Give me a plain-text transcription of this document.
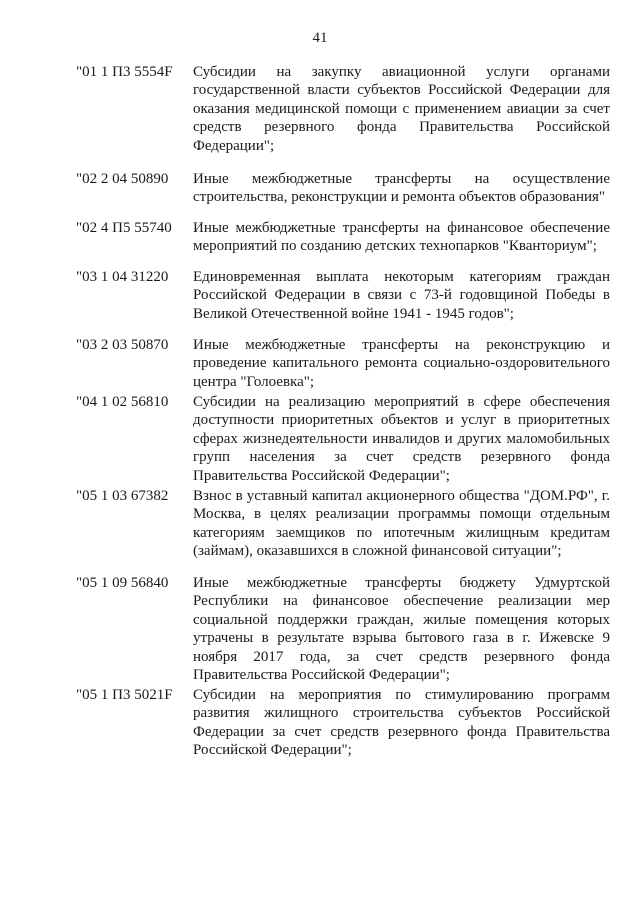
41
"01 1 П3 5554F Субсидии на закупку авиационной услуги органами государственной власти субъектов Российской Федерации для оказания медицинской помощи с применением авиации за счет средств резервного фонда Правительства Российской Федерации";
"02 2 04 50890 Иные межбюджетные трансферты на осуществление строительства, реконструкции и ремонта объектов образования"
"02 4 П5 55740 Иные межбюджетные трансферты на финансовое обеспечение мероприятий по созданию детских технопарков "Кванториум";
"03 1 04 31220 Единовременная выплата некоторым категориям граждан Российской Федерации в связи с 73-й годовщиной Победы в Великой Отечественной войне 1941 - 1945 годов";
"03 2 03 50870 Иные межбюджетные трансферты на реконструкцию и проведение капитального ремонта социально-оздоровительного центра "Голоевка";
"04 1 02 56810 Субсидии на реализацию мероприятий в сфере обеспечения доступности приоритетных объектов и услуг в приоритетных сферах жизнедеятельности инвалидов и других маломобильных групп населения за счет средств резервного фонда Правительства Российской Федерации";
"05 1 03 67382 Взнос в уставный капитал акционерного общества "ДОМ.РФ", г. Москва, в целях реализации программы помощи отдельным категориям заемщиков по ипотечным жилищным кредитам (займам), оказавшихся в сложной финансовой ситуации";
"05 1 09 56840 Иные межбюджетные трансферты бюджету Удмуртской Республики на финансовое обеспечение реализации мер социальной поддержки граждан, жилые помещения которых утрачены в результате взрыва бытового газа в г. Ижевске 9 ноября 2017 года, за счет средств резервного фонда Правительства Российской Федерации";
"05 1 П3 5021F Субсидии на мероприятия по стимулированию программ развития жилищного строительства субъектов Российской Федерации за счет средств резервного фонда Правительства Российской Федерации";
